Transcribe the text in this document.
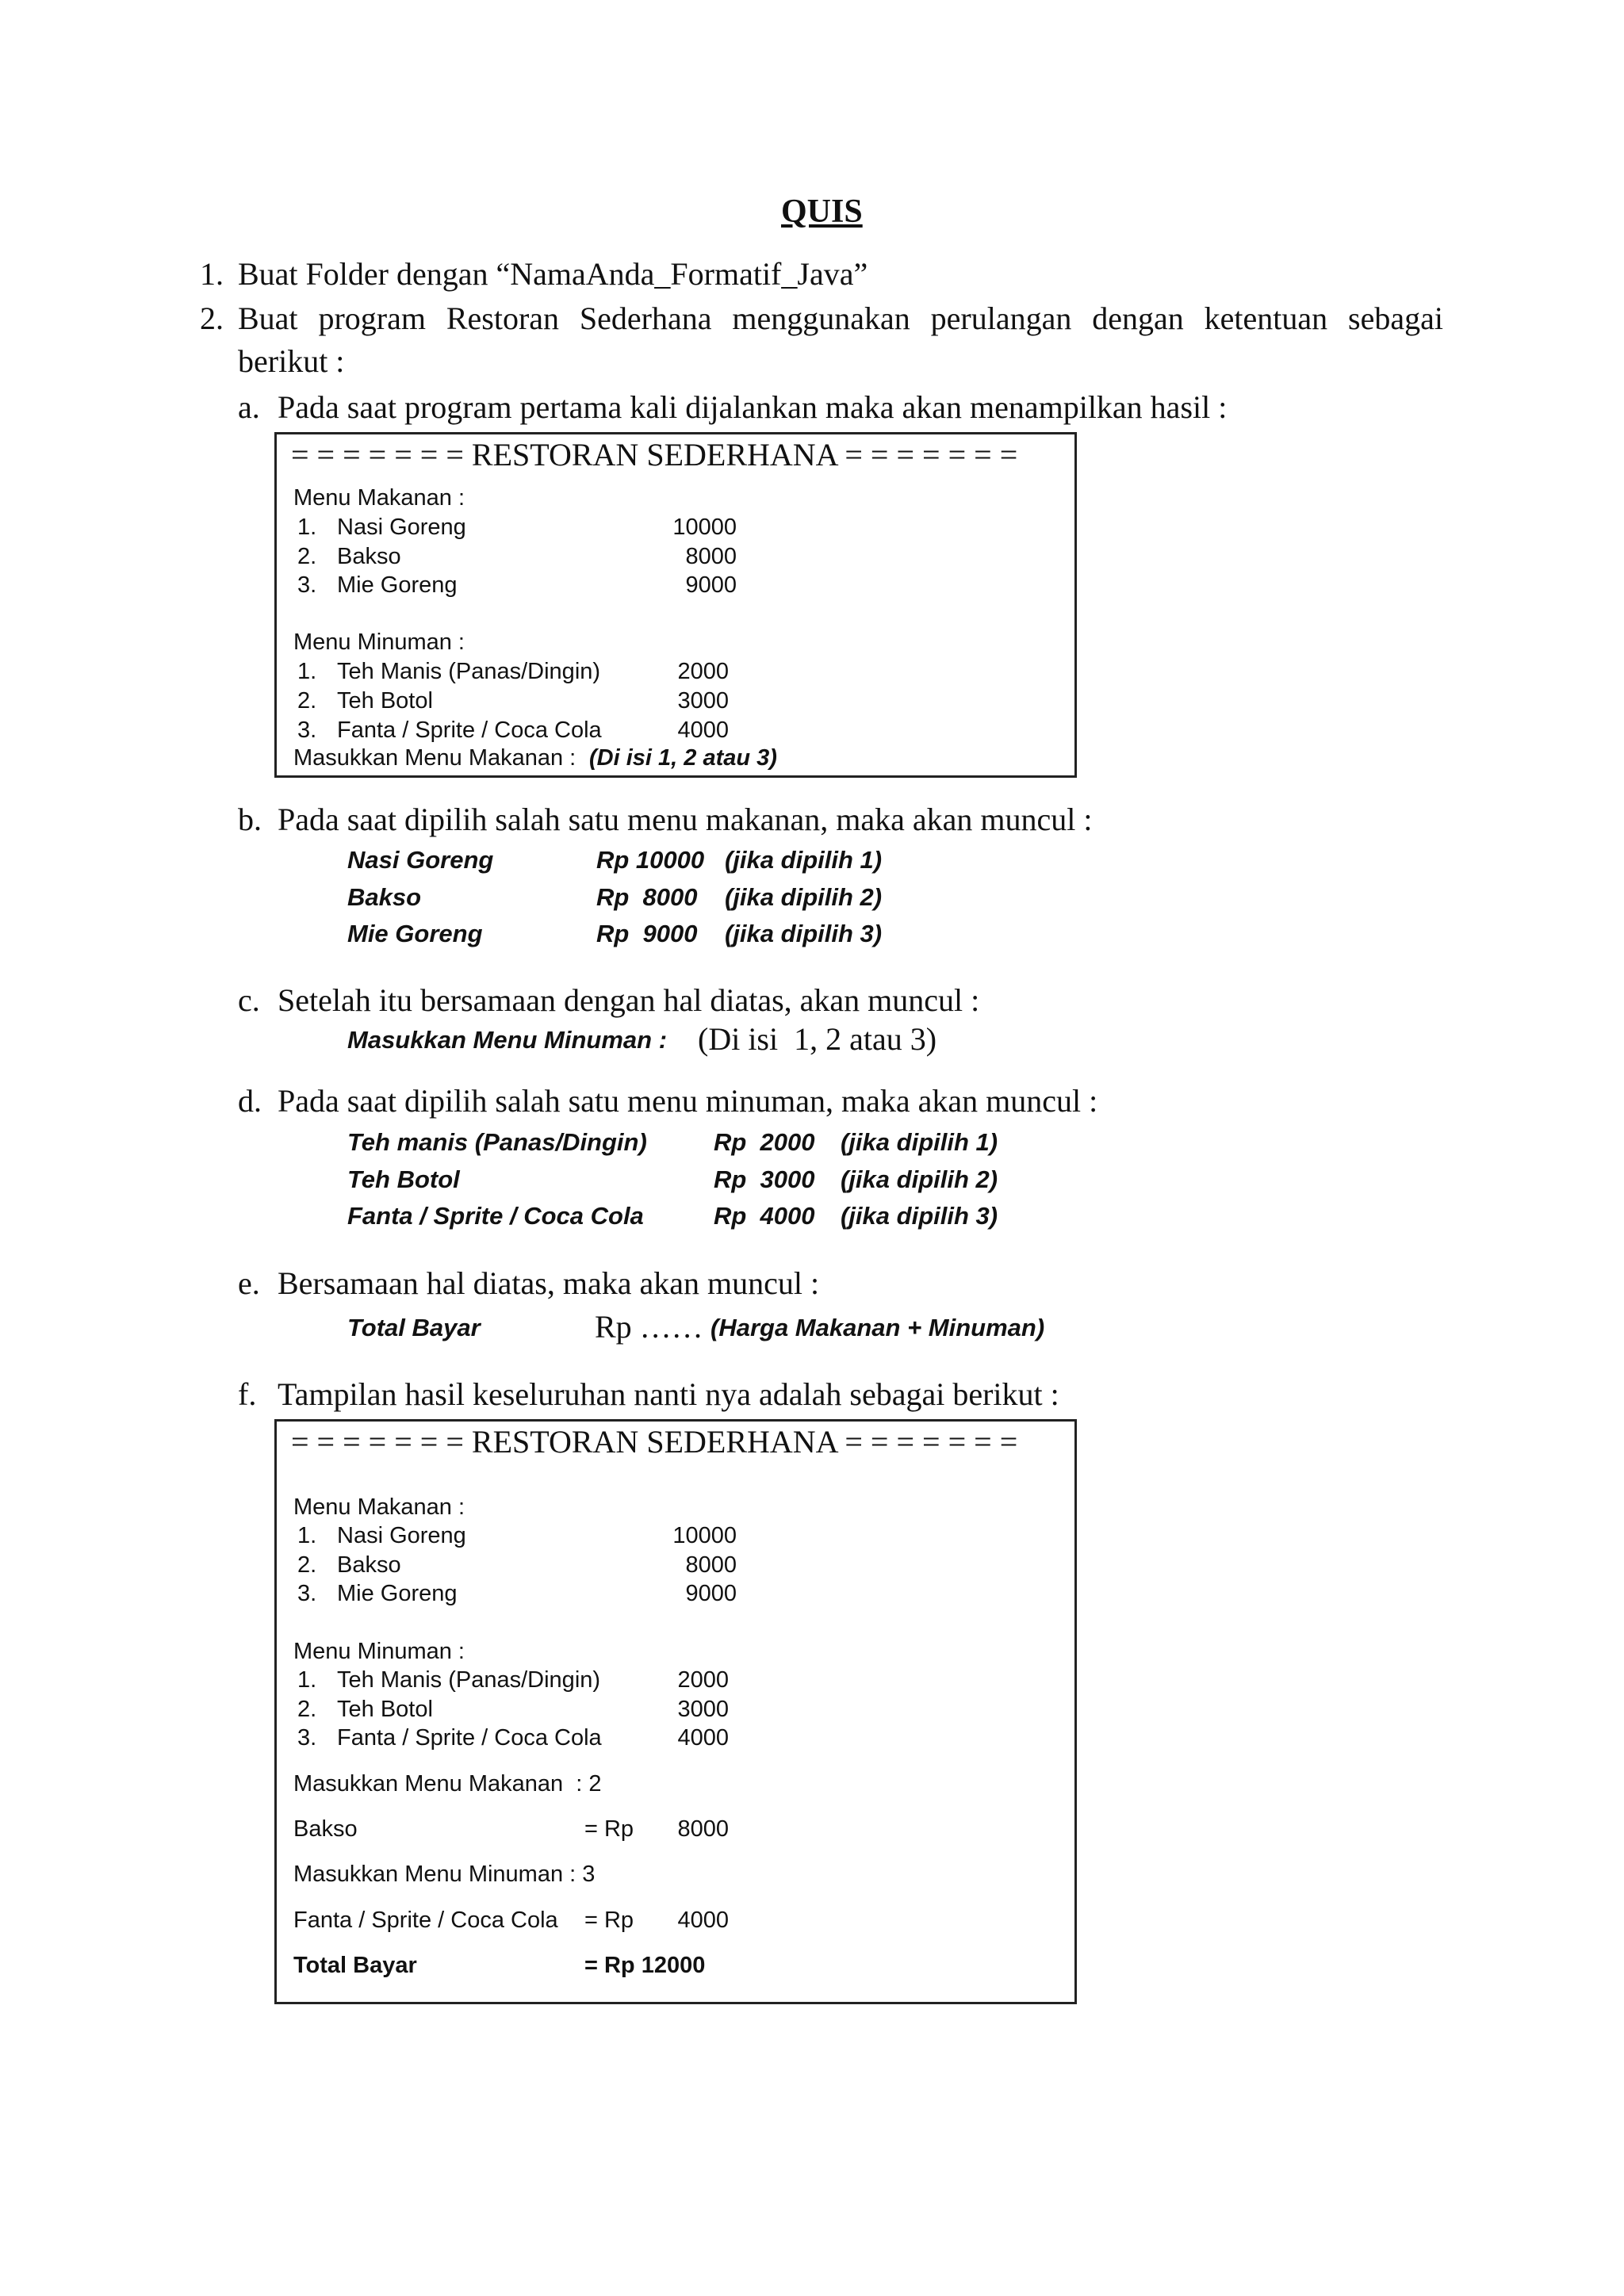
QUIS
1. Buat Folder dengan “NamaAnda_Formatif_Java”
2. Buat program Restoran Sederhana menggunakan perulangan dengan ketentuan sebagai
berikut :
a. Pada saat program pertama kali dijalankan maka akan menampilkan hasil :
= = = = = = = RESTORAN SEDERHANA = = = = = = =
Menu Makanan :
1. Nasi Goreng	10000
2. Bakso	8000
3. Mie Goreng	9000
Menu Minuman :
1. Teh Manis (Panas/Dingin)	2000
2. Teh Botol	3000
3. Fanta / Sprite / Coca Cola	4000
Masukkan Menu Makanan : (Di isi 1, 2 atau 3)
b. Pada saat dipilih salah satu menu makanan, maka akan muncul :
Nasi Goreng	Rp 10000 (jika dipilih 1)
Bakso	Rp  8000 (jika dipilih 2)
Mie Goreng	Rp  9000 (jika dipilih 3)
c. Setelah itu bersamaan dengan hal diatas, akan muncul :
Masukkan Menu Minuman : (Di isi  1, 2 atau 3)
d. Pada saat dipilih salah satu menu minuman, maka akan muncul :
Teh manis (Panas/Dingin)	Rp  2000 (jika dipilih 1)
Teh Botol	Rp  3000 (jika dipilih 2)
Fanta / Sprite / Coca Cola	Rp  4000 (jika dipilih 3)
e. Bersamaan hal diatas, maka akan muncul :
Total Bayar	Rp …… (Harga Makanan + Minuman)
f. Tampilan hasil keseluruhan nanti nya adalah sebagai berikut :
= = = = = = = RESTORAN SEDERHANA = = = = = = =
Menu Makanan :
1. Nasi Goreng	10000
2. Bakso	8000
3. Mie Goreng	9000
Menu Minuman :
1. Teh Manis (Panas/Dingin)	2000
2. Teh Botol	3000
3. Fanta / Sprite / Coca Cola	4000
Masukkan Menu Makanan  : 2
Bakso	= Rp	8000
Masukkan Menu Minuman : 3
Fanta / Sprite / Coca Cola = Rp	4000
Total Bayar	= Rp 12000
